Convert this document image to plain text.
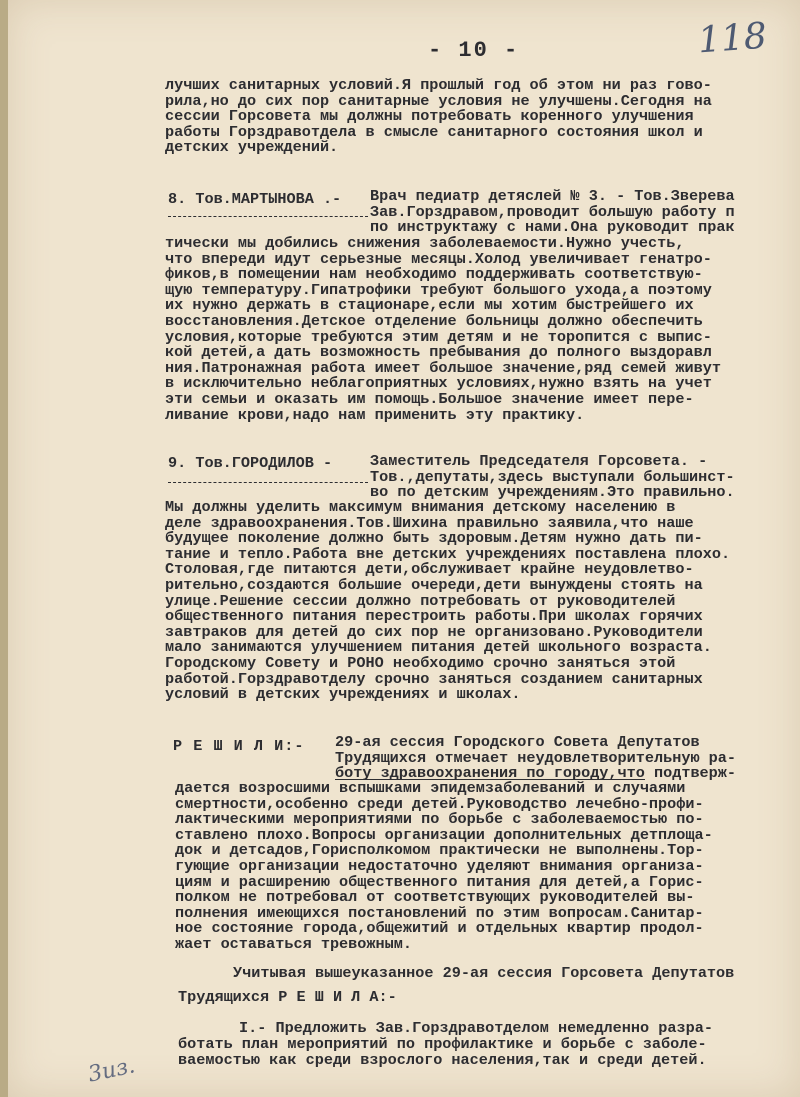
- 10 -	118
лучших санитарных условий.Я прошлый год об этом ни раз гово-
рила,но до сих пор санитарные условия не улучшены.Сегодня на
сессии Горсовета мы должны потребовать коренного улучшения
работы Горздравотдела в смысле санитарного состояния школ и
детских учреждений.
8. Тов.МАРТЫНОВА .- Врач педиатр детяслей № 3. - Тов.Зверева
Зав.Горздравом,проводит большую работу п
по инструктажу с нами.Она руководит прак
тически мы добились снижения заболеваемости.Нужно учесть,
что впереди идут серьезные месяцы.Холод увеличивает генатро-
фиков,в помещении нам необходимо поддерживать соответствую-
щую температуру.Гипатрофики требуют большого ухода,а поэтому
их нужно держать в стационаре,если мы хотим быстрейшего их
восстановления.Детское отделение больницы должно обеспечить
условия,которые требуются этим детям и не торопится с выпис-
кой детей,а дать возможность пребывания до полного выздоравл
ния.Патронажная работа имеет большое значение,ряд семей живут
в исключительно неблагоприятных условиях,нужно взять на учет
эти семьи и оказать им помощь.Большое значение имеет пере-
ливание крови,надо нам применить эту практику.
9. Тов.ГОРОДИЛОВ - Заместитель Председателя Горсовета. -
Тов.,депутаты,здесь выступали большинст-
во по детским учреждениям.Это правильно.
Мы должны уделить максимум внимания детскому населению в
деле здравоохранения.Тов.Шихина правильно заявила,что наше
будущее поколение должно быть здоровым.Детям нужно дать пи-
тание и тепло.Работа вне детских учреждениях поставлена плохо.
Столовая,где питаются дети,обслуживает крайне неудовлетво-
рительно,создаются большие очереди,дети вынуждены стоять на
улице.Решение сессии должно потребовать от руководителей
общественного питания перестроить работы.При школах горячих
завтраков для детей до сих пор не организовано.Руководители
мало занимаются улучшением питания детей школьного возраста.
Городскому Совету и РОНО необходимо срочно заняться этой
работой.Горздравотделу срочно заняться созданием санитарных
условий в детских учреждениях и школах.
Р Е Ш И Л И:- 29-ая сессия Городского Совета Депутатов
Трудящихся отмечает неудовлетворительную ра-
боту здравоохранения по городу,что подтверж-
дается возросшими вспышками эпидемзаболеваний и случаями
смертности,особенно среди детей.Руководство лечебно-профи-
лактическими мероприятиями по борьбе с заболеваемостью по-
ставлено плохо.Вопросы организации дополнительных детплоща-
док и детсадов,Горисполкомом практически не выполнены.Тор-
гующие организации недостаточно уделяют внимания организа-
циям и расширению общественного питания для детей,а Горис-
полком не потребовал от соответствующих руководителей вы-
полнения имеющихся постановлений по этим вопросам.Санитар-
ное состояние города,общежитий и отдельных квартир продол-
жает оставаться тревожным.
Учитывая вышеуказанное 29-ая сессия Горсовета Депутатов
Трудящихся Р Е Ш И Л А:-
I.- Предложить Зав.Горздравотделом немедленно разра-
ботать план мероприятий по профилактике и борьбе с заболе-
ваемостью как среди взрослого населения,так и среди детей.
3из.
